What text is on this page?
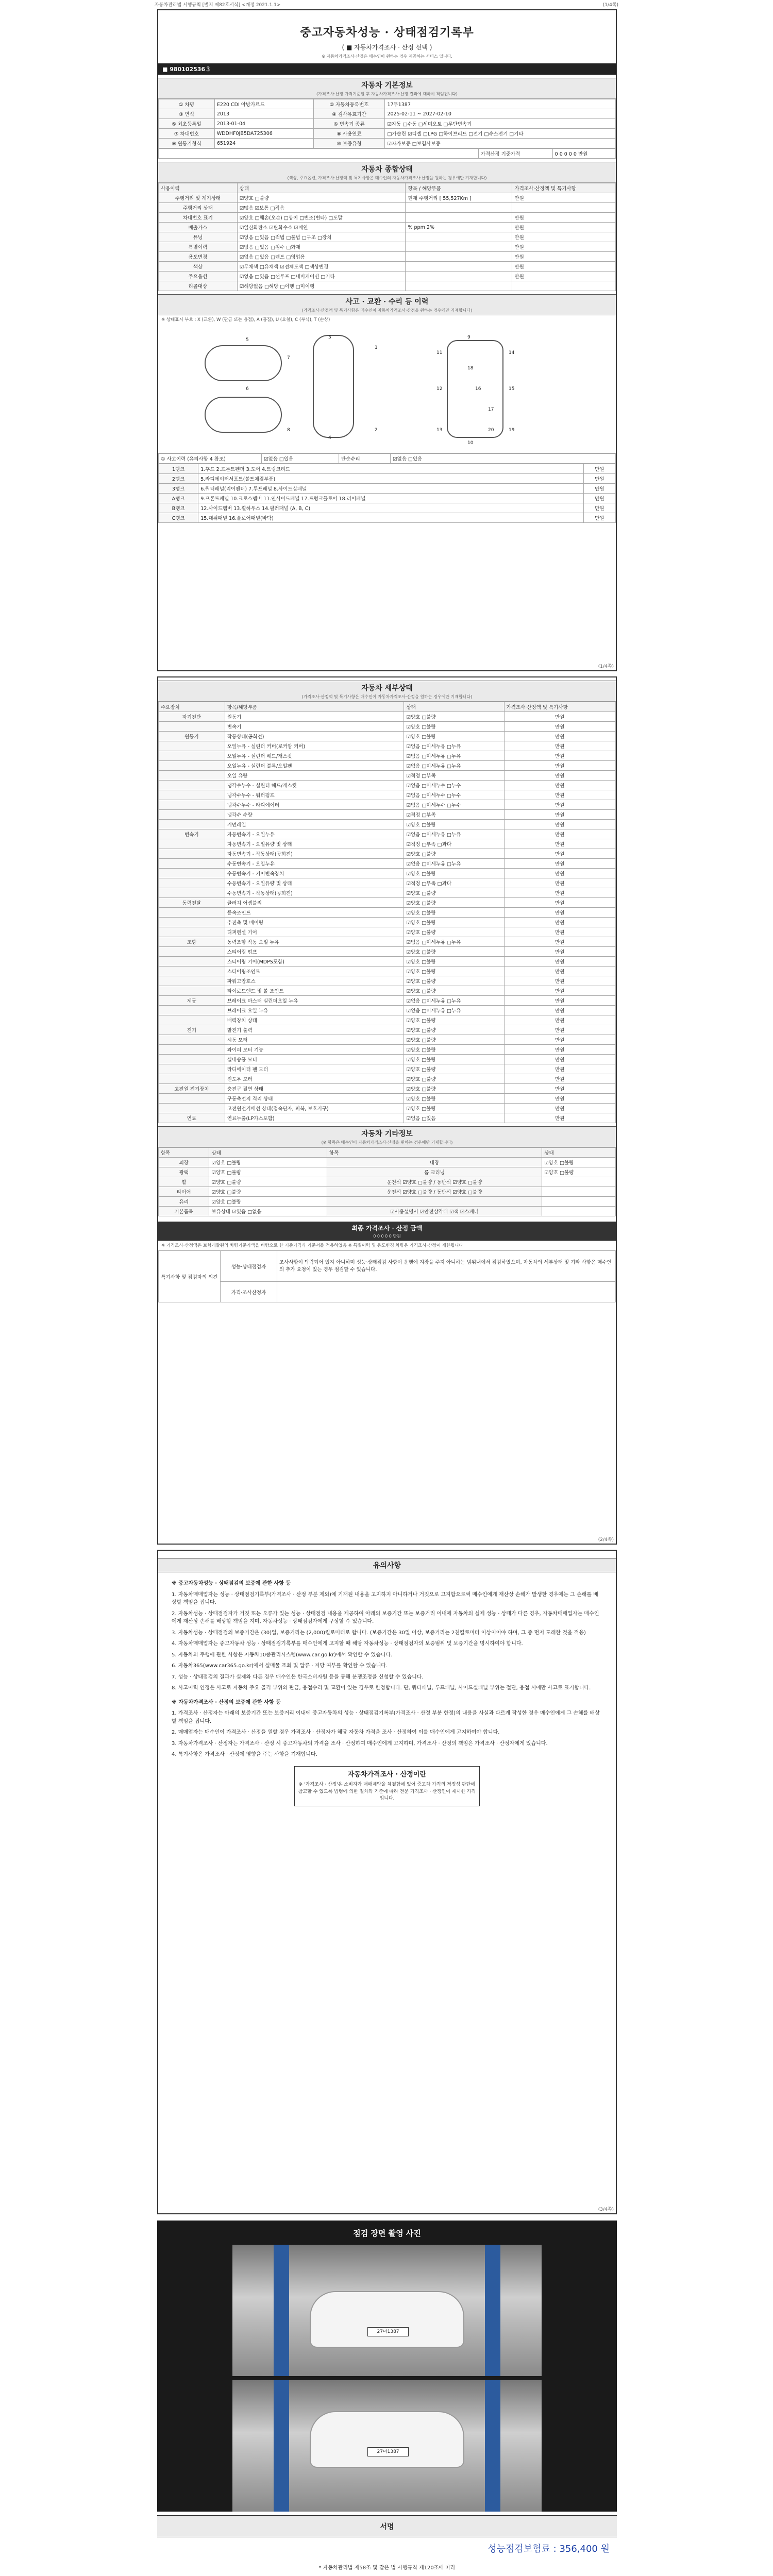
자동차관리법 시행규칙 [별지 제82호서식] <개정 2021.1.1>	(1/4쪽)
중고자동차성능 · 상태점검기록부
( ■ 자동차가격조사 · 산정 선택 )
※ 자동차가격조사·산정은 매수인이 원하는 경우 제공하는 서비스 입니다.
■ 980102536３
자동차 기본정보
(가격조사·산정 가격기준일 후 자동차가격조사·산정 결과에 대하여 책임집니다)
① 차명	E220 CDI 아방가르드	② 자동차등록번호	17무1387
③ 연식	2013	④ 검사유효기간	2025-02-11 ~ 2027-02-10
⑤ 최초등록일	2013-01-04	⑥ 변속기 종류	☑자동 □수동 □세미오토 □무단변속기
⑦ 차대번호	WDDHF0JB5DA725306	⑧ 사용연료	□가솔린 ☑디젤 □LPG □하이브리드 □전기 □수소전기 □기타
⑨ 원동기형식	651924	⑩ 보증유형	☑자가보증 □보험사보증
	가격산정 기준가격	0 0 0 0 0 만원
자동차 종합상태
(색상, 주요옵션, 가격조사·산정액 및 특기사항은 매수인의 자동차가격조사·산정을 원하는 경우에만 기재합니다)
사용이력	상태	항목 / 해당부품	가격조사·산정액 및 특기사항
주행거리 및 계기상태	☑양호 □불량	현재 주행거리 [ 55,527Km ]	만원
주행거리 상태	☑많음 ☑보통 □적음		
차대번호 표기	☑양호 □훼손(오손) □상이 □변조(변타) □도말		만원
배출가스	☑일산화탄소 ☑탄화수소 ☑매연	% ppm 2%	만원
튜닝	☑없음 □있음 □적법 □불법 □구조 □장치		만원
특별이력	☑없음 □있음 □침수 □화재		만원
용도변경	☑없음 □있음 □렌트 □영업용		만원
색상	☑무채색 □유채색 ☑전체도색 □색상변경		만원
주요옵션	☑없음 □있음 □선루프 □내비게이션 □기타		만원
리콜대상	☑해당없음 □해당 □이행 □미이행		
사고 · 교환 · 수리 등 이력
(가격조사·산정액 및 특기사항은 매수인이 자동차가격조사·산정을 원하는 경우에만 기재합니다)
※ 상태표시 부호 : X (교환), W (판금 또는 용접), A (흠집), U (요철), C (부식), T (손상)
1
2
3
4
5
6
7
8
9
10
11
12
13
14
15
16
17
18
19
20
① 사고이력 (유의사항 4 참조)	☑없음 □있음	단순수리	☑없음 □있음
1랭크	1.후드 2.프론트펜더 3.도어 4.트렁크리드	만원
2랭크	5.라디에이터서포트(볼트체결부품)	만원
3랭크	6.쿼터패널(리어펜더) 7.루프패널 8.사이드실패널	만원
A랭크	9.프론트패널 10.크로스멤버 11.인사이드패널 17.트렁크플로어 18.리어패널	만원
B랭크	12.사이드멤버 13.휠하우스 14.필러패널 (A, B, C)	만원
C랭크	15.대쉬패널 16.플로어패널(바닥)	만원
(1/4쪽)
자동차 세부상태
(가격조사·산정액 및 특기사항은 매수인이 자동차가격조사·산정을 원하는 경우에만 기재합니다)
주요장치	항목/해당부품	상태	가격조사·산정액 및 특기사항
자기진단	원동기	☑양호 □불량	만원
	변속기	☑양호 □불량	만원
원동기	작동상태(공회전)	☑양호 □불량	만원
	오일누유 - 실린더 커버(로커암 커버)	☑없음 □미세누유 □누유	만원
	오일누유 - 실린더 헤드/개스킷	☑없음 □미세누유 □누유	만원
	오일누유 - 실린더 블록/오일팬	☑없음 □미세누유 □누유	만원
	오일 유량	☑적정 □부족	만원
	냉각수누수 - 실린더 헤드/개스킷	☑없음 □미세누수 □누수	만원
	냉각수누수 - 워터펌프	☑없음 □미세누수 □누수	만원
	냉각수누수 - 라디에이터	☑없음 □미세누수 □누수	만원
	냉각수 수량	☑적정 □부족	만원
	커먼레일	☑양호 □불량	만원
변속기	자동변속기 - 오일누유	☑없음 □미세누유 □누유	만원
	자동변속기 - 오일유량 및 상태	☑적정 □부족 □과다	만원
	자동변속기 - 작동상태(공회전)	☑양호 □불량	만원
	수동변속기 - 오일누유	☑없음 □미세누유 □누유	만원
	수동변속기 - 기어변속장치	☑양호 □불량	만원
	수동변속기 - 오일유량 및 상태	☑적정 □부족 □과다	만원
	수동변속기 - 작동상태(공회전)	☑양호 □불량	만원
동력전달	클러치 어셈블리	☑양호 □불량	만원
	등속조인트	☑양호 □불량	만원
	추진축 및 베어링	☑양호 □불량	만원
	디퍼렌셜 기어	☑양호 □불량	만원
조향	동력조향 작동 오일 누유	☑없음 □미세누유 □누유	만원
	스티어링 펌프	☑양호 □불량	만원
	스티어링 기어(MDPS포함)	☑양호 □불량	만원
	스티어링조인트	☑양호 □불량	만원
	파워고압호스	☑양호 □불량	만원
	타이로드엔드 및 볼 조인트	☑양호 □불량	만원
제동	브레이크 마스터 실린더오일 누유	☑없음 □미세누유 □누유	만원
	브레이크 오일 누유	☑없음 □미세누유 □누유	만원
	배력장치 상태	☑양호 □불량	만원
전기	발전기 출력	☑양호 □불량	만원
	시동 모터	☑양호 □불량	만원
	와이퍼 모터 기능	☑양호 □불량	만원
	실내송풍 모터	☑양호 □불량	만원
	라디에이터 팬 모터	☑양호 □불량	만원
	윈도우 모터	☑양호 □불량	만원
고전원 전기장치	충전구 절연 상태	☑양호 □불량	만원
	구동축전지 격리 상태	☑양호 □불량	만원
	고전원전기배선 상태(접속단자, 피복, 보호기구)	☑양호 □불량	만원
연료	연료누출(LP가스포함)	☑없음 □있음	만원
자동차 기타정보
(※ 항목은 매수인이 자동차가격조사·산정을 원하는 경우에만 기재합니다)
항목	상태	항목	상태
외장	☑양호 □불량	내장	☑양호 □불량
광택	☑양호 □불량	룸 크리닝	☑양호 □불량
휠	☑양호 □불량	운전석 ☑양호 □불량 / 동반석 ☑양호 □불량	
타이어	☑양호 □불량	운전석 ☑양호 □불량 / 동반석 ☑양호 □불량	
유리	☑양호 □불량		
기본품목	보유상태 ☑있음 □없음	☑사용설명서 ☑안전삼각대 ☑잭 ☑스패너	
최종 가격조사 · 산정 금액
0 0 0 0 0 만원
※ 가격조사·산정액은 보험개발원의 차량기준가액을 바탕으로 한 기준가격과 기준서를 적용하였음 ※ 특별이력 및 용도변경 차량은 가격조사·산정이 제한됩니다
특기사항 및 점검자의 의견	성능·상태점검자	조사사항이 탁락되어 있지 아니하며 성능·상태점검 사항이 운행에 지장을 주지 아니하는 범위내에서 점검하였으며, 자동차의 세부상태 및 기타 사항은 매수인의 추가 요청이 있는 경우 점검할 수 있습니다.
	가격·조사산정자	
(2/4쪽)
유의사항

※ 중고자동차성능 · 상태점검의 보증에 관한 사항 등

1. 자동차매매업자는 성능 · 상태점검기록부(가격조사 · 산정 부분 제외)에 기재된 내용을 고지하지 아니하거나 거짓으로 고지함으로써 매수인에게 재산상 손해가 발생한 경우에는 그 손해를 배상할 책임을 집니다.

2. 자동차성능 · 상태점검자가 거짓 또는 오류가 있는 성능 · 상태점검 내용을 제공하여 아래의 보증기간 또는 보증거리 이내에 자동차의 실제 성능 · 상태가 다른 경우, 자동차매매업자는 매수인에게 재산상 손해를 배상할 책임을 지며, 자동차성능 · 상태점검자에게 구상할 수 있습니다.

3. 자동차성능 · 상태점검의 보증기간은 (30)일, 보증거리는 (2,000)킬로미터로 합니다. (보증기간은 30일 이상, 보증거리는 2천킬로미터 이상이어야 하며, 그 중 먼저 도래한 것을 적용)

4. 자동차매매업자는 중고자동차 성능 · 상태점검기록부를 매수인에게 고지할 때 해당 자동차성능 · 상태점검자의 보증범위 및 보증기간을 명시하여야 합니다.

5. 자동차의 주행에 관한 사항은 자동차10종관리시스템(www.car.go.kr)에서 확인할 수 있습니다.

6. 자동차365(www.car365.go.kr)에서 실매물 조회 및 압류 · 저당 여부를 확인할 수 있습니다.

7. 성능 · 상태점검의 결과가 실제와 다른 경우 매수인은 한국소비자원 등을 통해 분쟁조정을 신청할 수 있습니다.

8. 사고이력 인정은 사고로 자동차 주요 골격 부위의 판금, 용접수리 및 교환이 있는 경우로 한정합니다. 단, 쿼터패널, 루프패널, 사이드실패널 부위는 절단, 용접 시에만 사고로 표기합니다.

※ 자동차가격조사 · 산정의 보증에 관한 사항 등

1. 가격조사 · 산정자는 아래의 보증기간 또는 보증거리 이내에 중고자동차의 성능 · 상태점검기록부(가격조사 · 산정 부분 한정)의 내용을 사실과 다르게 작성한 경우 매수인에게 그 손해를 배상할 책임을 집니다.

2. 매매업자는 매수인이 가격조사 · 산정을 원할 경우 가격조사 · 산정자가 해당 자동차 가격을 조사 · 산정하여 이를 매수인에게 고지하여야 합니다.

3. 자동차가격조사 · 산정자는 가격조사 · 산정 시 중고자동차의 가격을 조사 · 산정하여 매수인에게 고지하며, 가격조사 · 산정의 책임은 가격조사 · 산정자에게 있습니다.

4. 특기사항은 가격조사 · 산정에 영향을 주는 사항을 기재합니다.

자동차가격조사 · 산정이란
※ '가격조사 · 산정'은 소비자가 매매계약을 체결함에 있어 중고차 가격의 적정성 판단에 참고할 수 있도록 법령에 의한 절차와 기준에 따라 전문 가격조사 · 산정인이 제시한 가격입니다.
(3/4쪽)
점검 장면 촬영 사진
27마1387
27마1387
서명
성능점검보험료 : 356,400 원
* 자동차관리법 제58조 및 같은 법 시행규칙 제120조에 따라
